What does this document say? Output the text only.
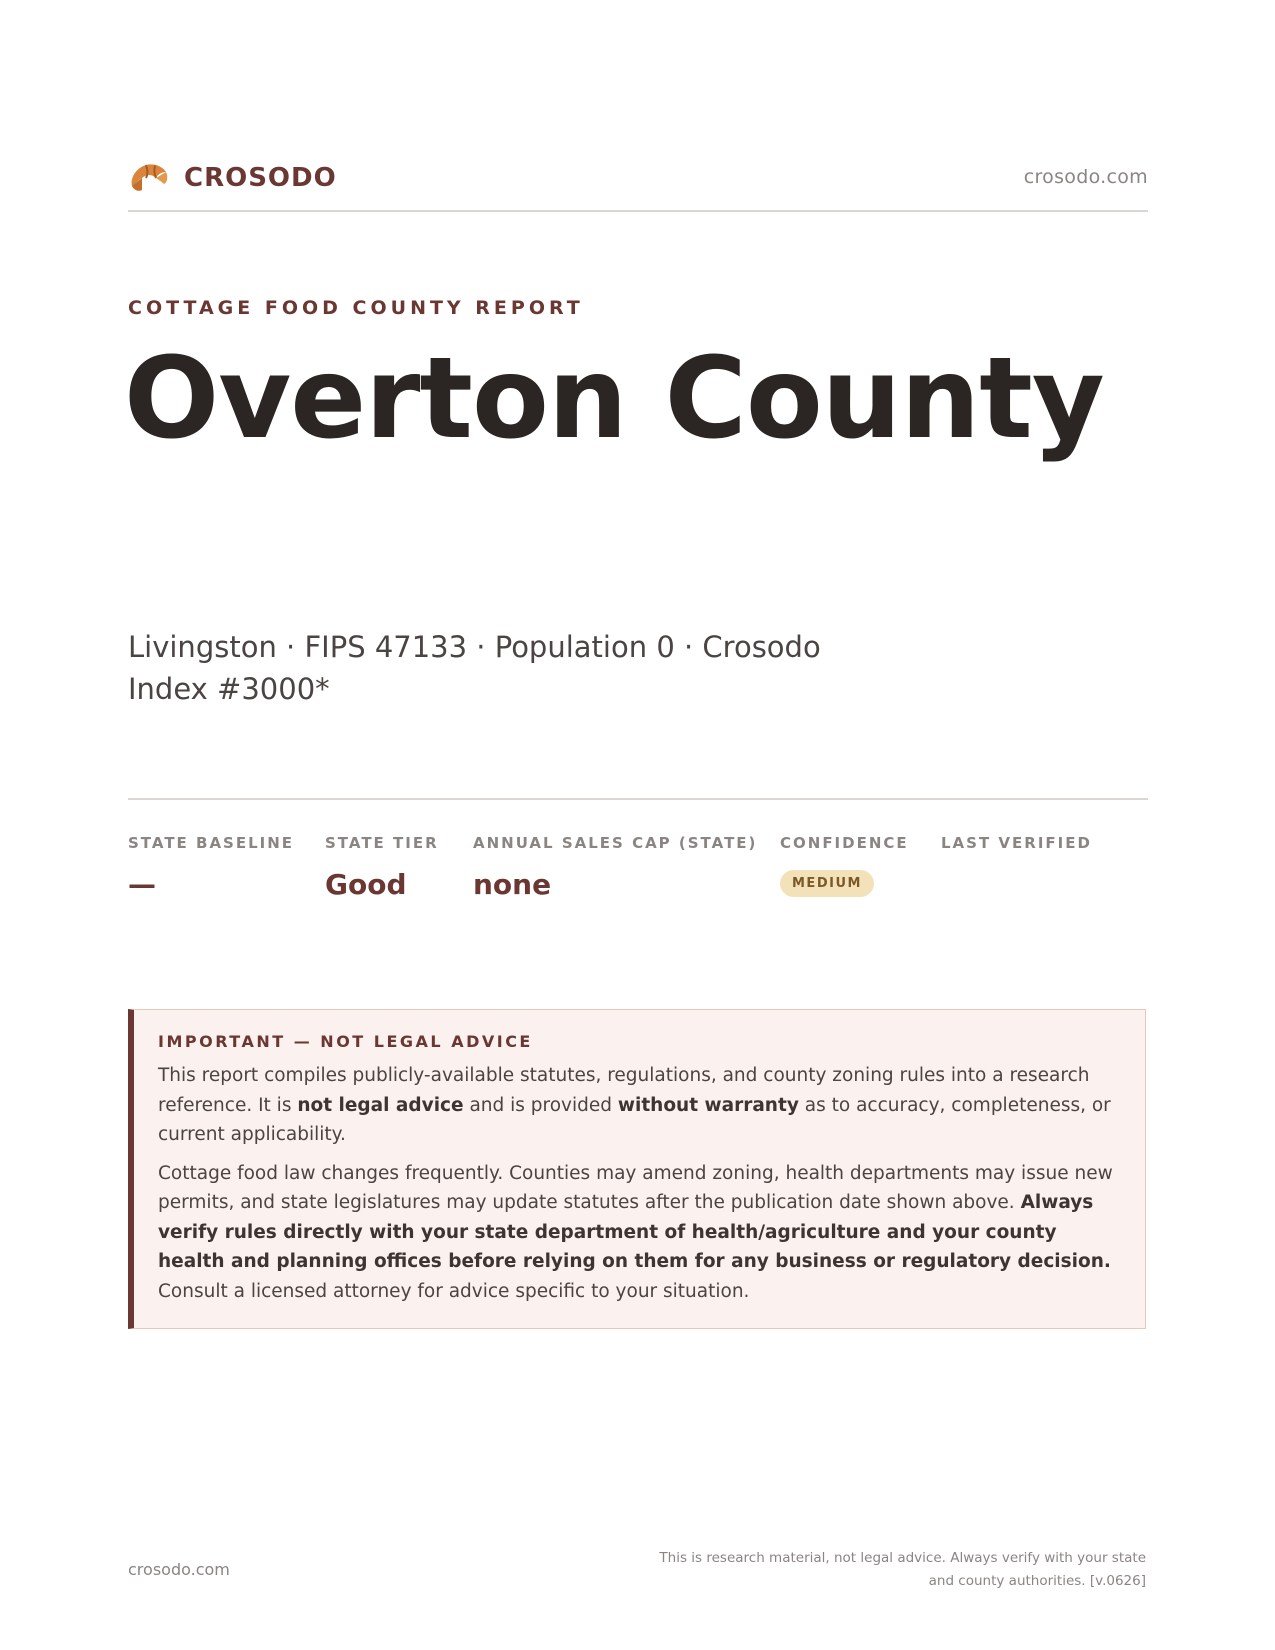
CROSODO	crosodo.com
COTTAGE FOOD COUNTY REPORT
Overton County

Livingston · FIPS 47133 · Population 0 · Crosodo Index #3000*

STATE BASELINE
—
STATE TIER
Good
ANNUAL SALES CAP (STATE)
none
CONFIDENCE
MEDIUM
LAST VERIFIED
IMPORTANT — NOT LEGAL ADVICE

This report compiles publicly-available statutes, regulations, and county zoning rules into a research reference. It is not legal advice and is provided without warranty as to accuracy, completeness, or current applicability.

Cottage food law changes frequently. Counties may amend zoning, health departments may issue new permits, and state legislatures may update statutes after the publication date shown above. Always verify rules directly with your state department of health/agriculture and your county health and planning offices before relying on them for any business or regulatory decision. Consult a licensed attorney for advice specific to your situation.

crosodo.com
This is research material, not legal advice. Always verify with your state
and county authorities. [v.0626]
